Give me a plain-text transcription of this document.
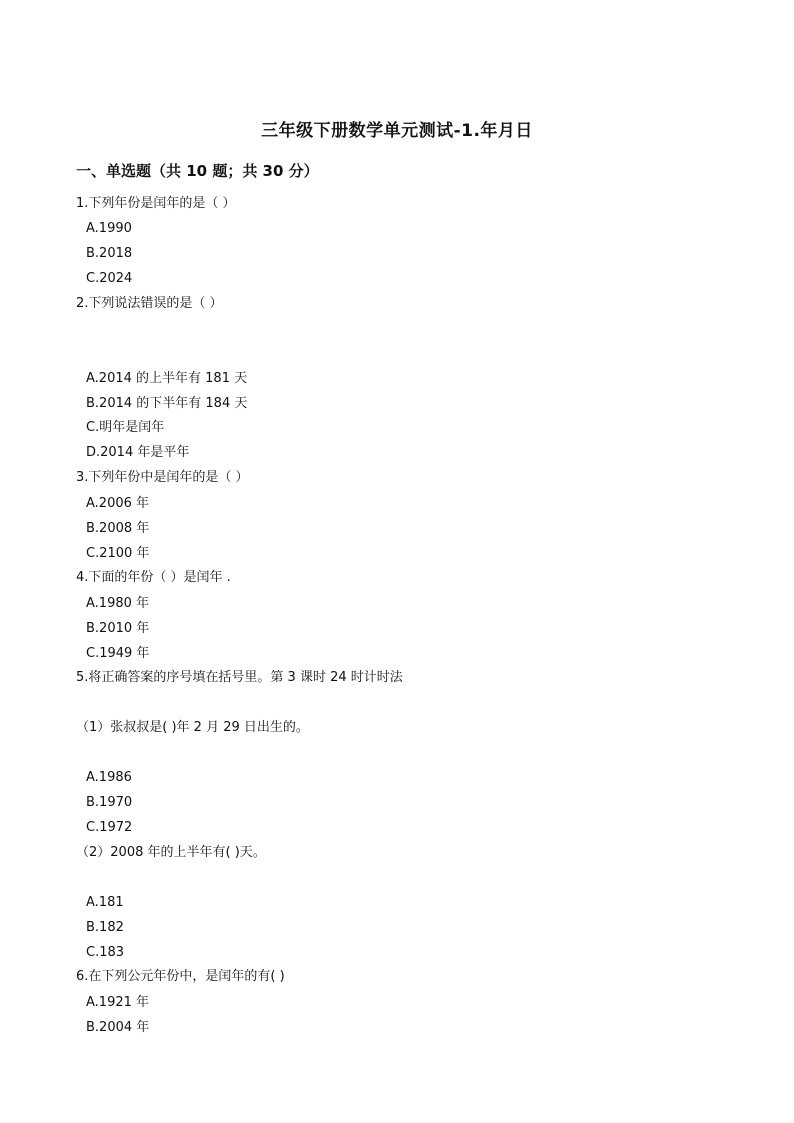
三年级下册数学单元测试-1.年月日
一、单选题（共 10 题；共 30 分）
1.下列年份是闰年的是（ ）
A.1990
B.2018
C.2024
2.下列说法错误的是（ ）
A.2014 的上半年有 181 天
B.2014 的下半年有 184 天
C.明年是闰年
D.2014 年是平年
3.下列年份中是闰年的是（ ）
A.2006 年
B.2008 年
C.2100 年
4.下面的年份（ ）是闰年 .
A.1980 年
B.2010 年
C.1949 年
5.将正确答案的序号填在括号里。第 3 课时 24 时计时法
（1）张叔叔是( )年 2 月 29 日出生的。
A.1986
B.1970
C.1972
（2）2008 年的上半年有( )天。
A.181
B.182
C.183
6.在下列公元年份中，是闰年的有( )
A.1921 年
B.2004 年
